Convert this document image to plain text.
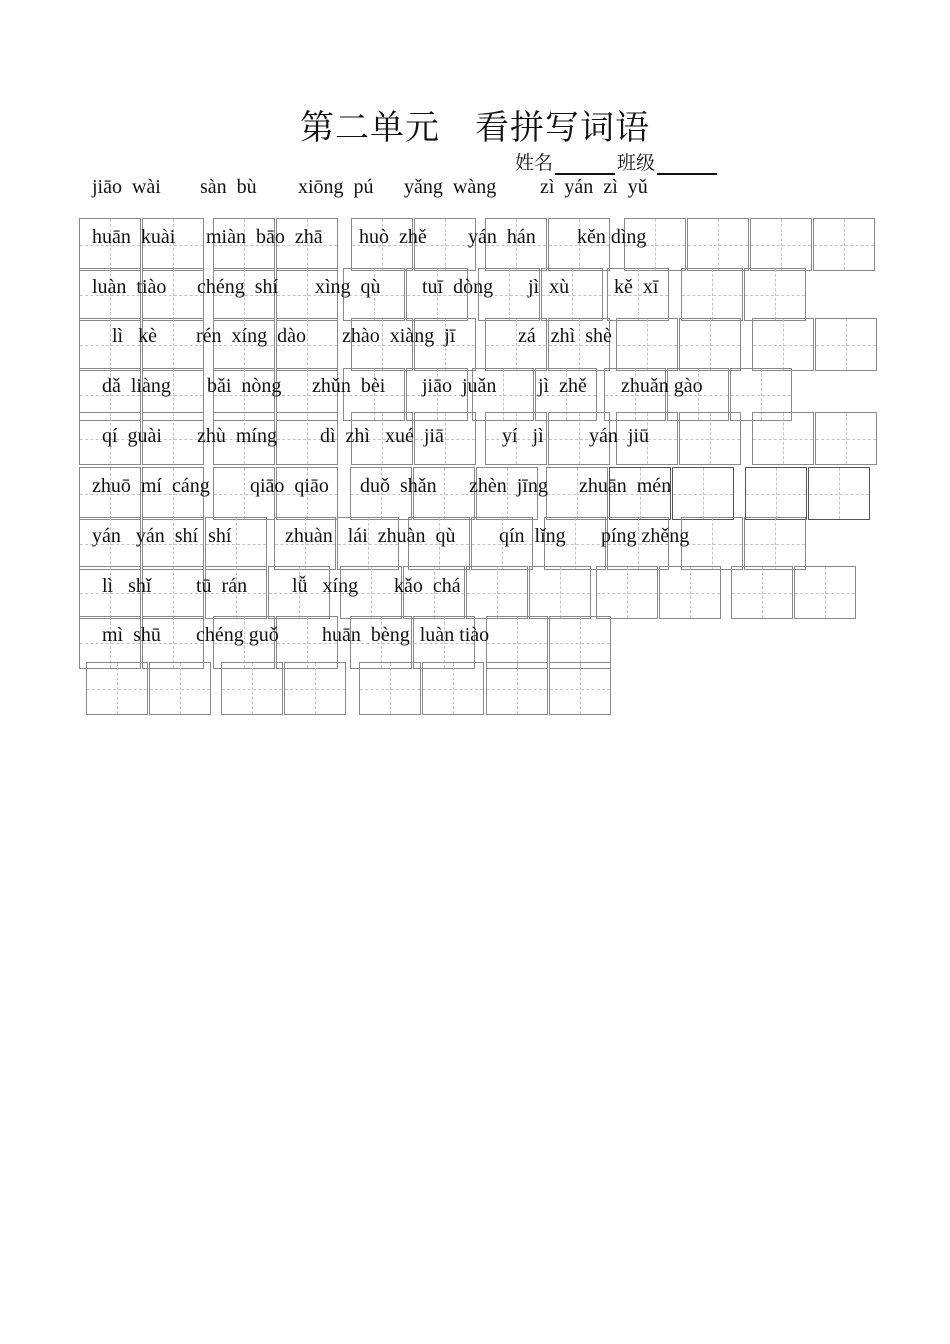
第二单元　看拼写词语
姓名	班级
jiāo  wài sàn  bù xiōng  pú yǎng  wàng zì  yán  zì  yǔ
huān  kuài miàn  bāo  zhā huò  zhě yán  hán kěn dìng
luàn  tiào chéng  shí xìng  qù tuī  dòng jì  xù kě  xī
lì   kè rén  xíng  dào zhào  xiàng  jī	zá   zhì  shè
dǎ  liàng bǎi  nòng zhǔn  bèi jiāo  juǎn jì  zhě zhuǎn gào
qí  guài zhù  míng dì  zhì   xué  jiā	yí   jì yán  jiū
zhuō  mí  cáng qiāo  qiāo duǒ  shǎn zhèn  jīng zhuān  mén
yán   yán  shí  shí	zhuàn   lái  zhuàn  qù qín  lǐng píng zhěng
lì   shǐ tū  rán lǚ   xíng kǎo  chá
mì  shū chéng guǒ huān  bèng  luàn tiào
